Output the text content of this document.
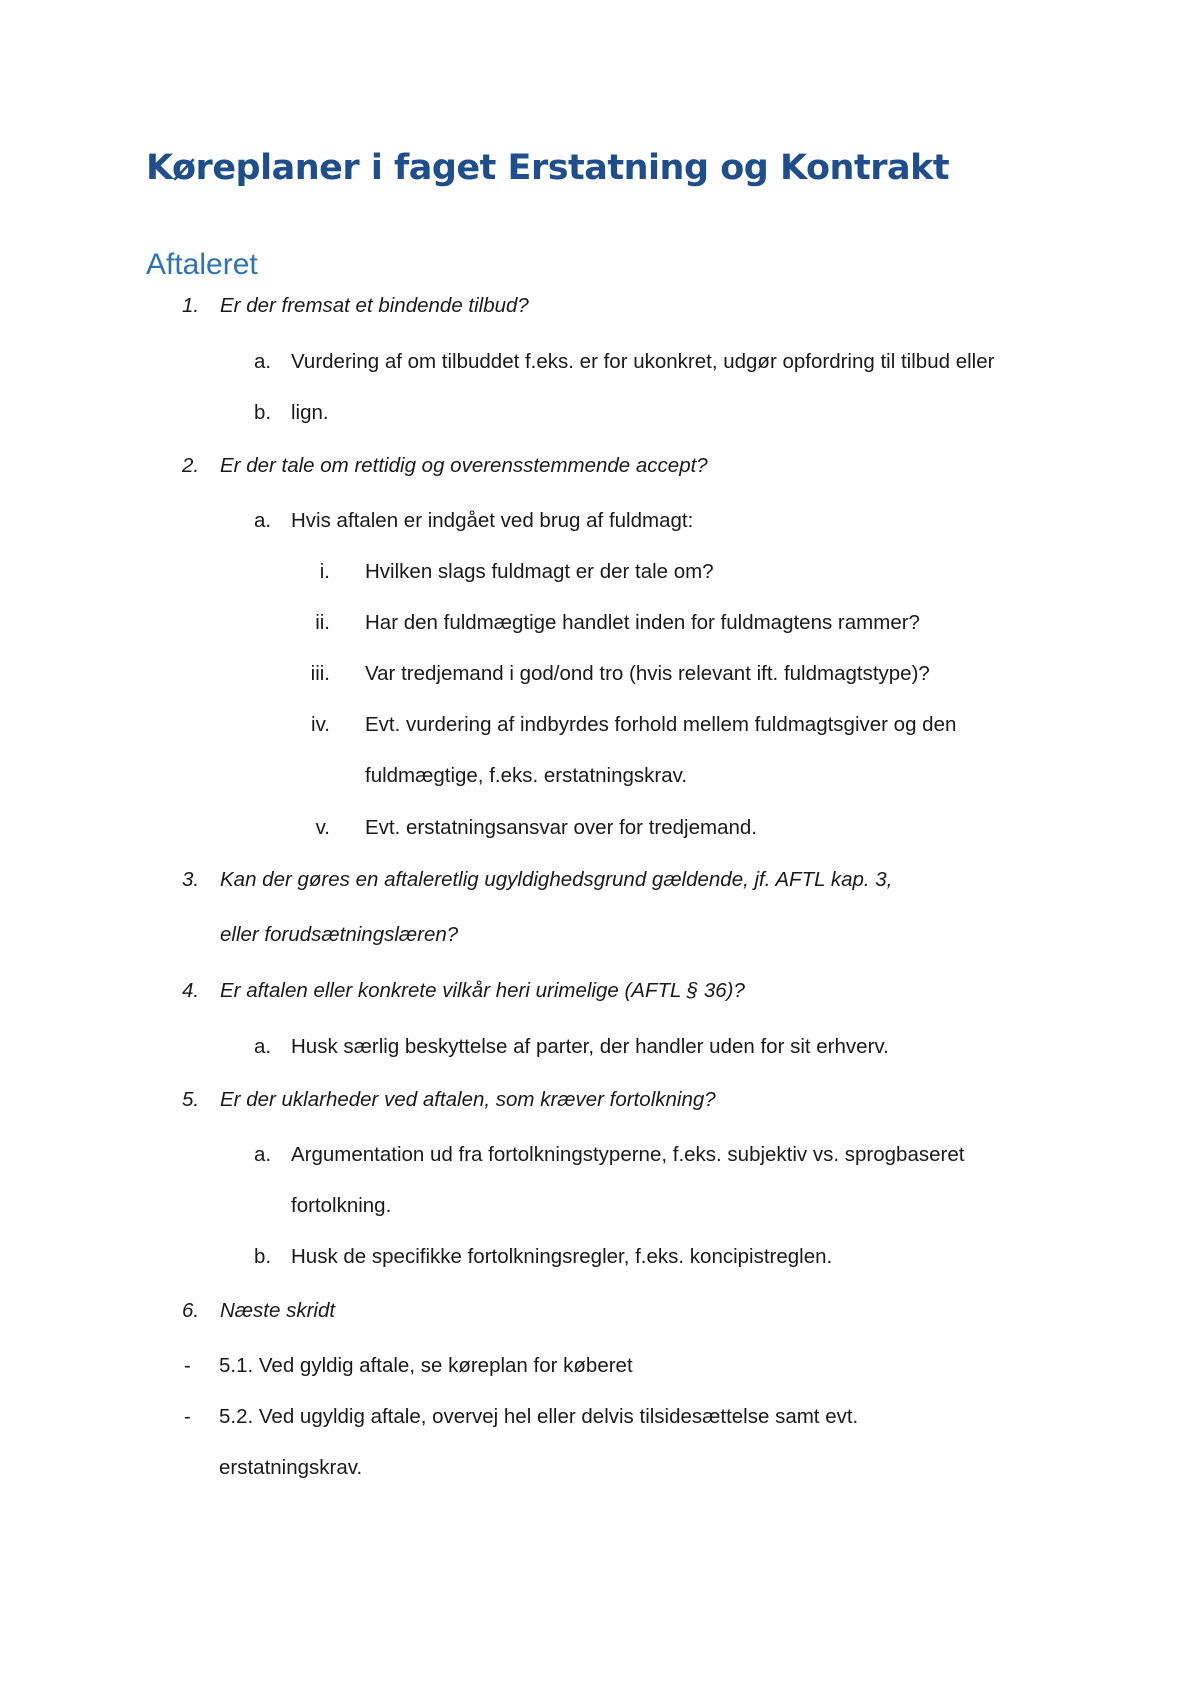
Køreplaner i faget Erstatning og Kontrakt
Aftaleret
1. Er der fremsat et bindende tilbud?
a. Vurdering af om tilbuddet f.eks. er for ukonkret, udgør opfordring til tilbud eller
b. lign.
2. Er der tale om rettidig og overensstemmende accept?
a. Hvis aftalen er indgået ved brug af fuldmagt:
i. Hvilken slags fuldmagt er der tale om?
ii. Har den fuldmægtige handlet inden for fuldmagtens rammer?
iii. Var tredjemand i god/ond tro (hvis relevant ift. fuldmagtstype)?
iv. Evt. vurdering af indbyrdes forhold mellem fuldmagtsgiver og den
fuldmægtige, f.eks. erstatningskrav.
v. Evt. erstatningsansvar over for tredjemand.
3. Kan der gøres en aftaleretlig ugyldighedsgrund gældende, jf. AFTL kap. 3,
eller forudsætningslæren?
4. Er aftalen eller konkrete vilkår heri urimelige (AFTL § 36)?
a. Husk særlig beskyttelse af parter, der handler uden for sit erhverv.
5. Er der uklarheder ved aftalen, som kræver fortolkning?
a. Argumentation ud fra fortolkningstyperne, f.eks. subjektiv vs. sprogbaseret
fortolkning.
b. Husk de specifikke fortolkningsregler, f.eks. koncipistreglen.
6. Næste skridt
- 5.1. Ved gyldig aftale, se køreplan for køberet
- 5.2. Ved ugyldig aftale, overvej hel eller delvis tilsidesættelse samt evt.
erstatningskrav.
